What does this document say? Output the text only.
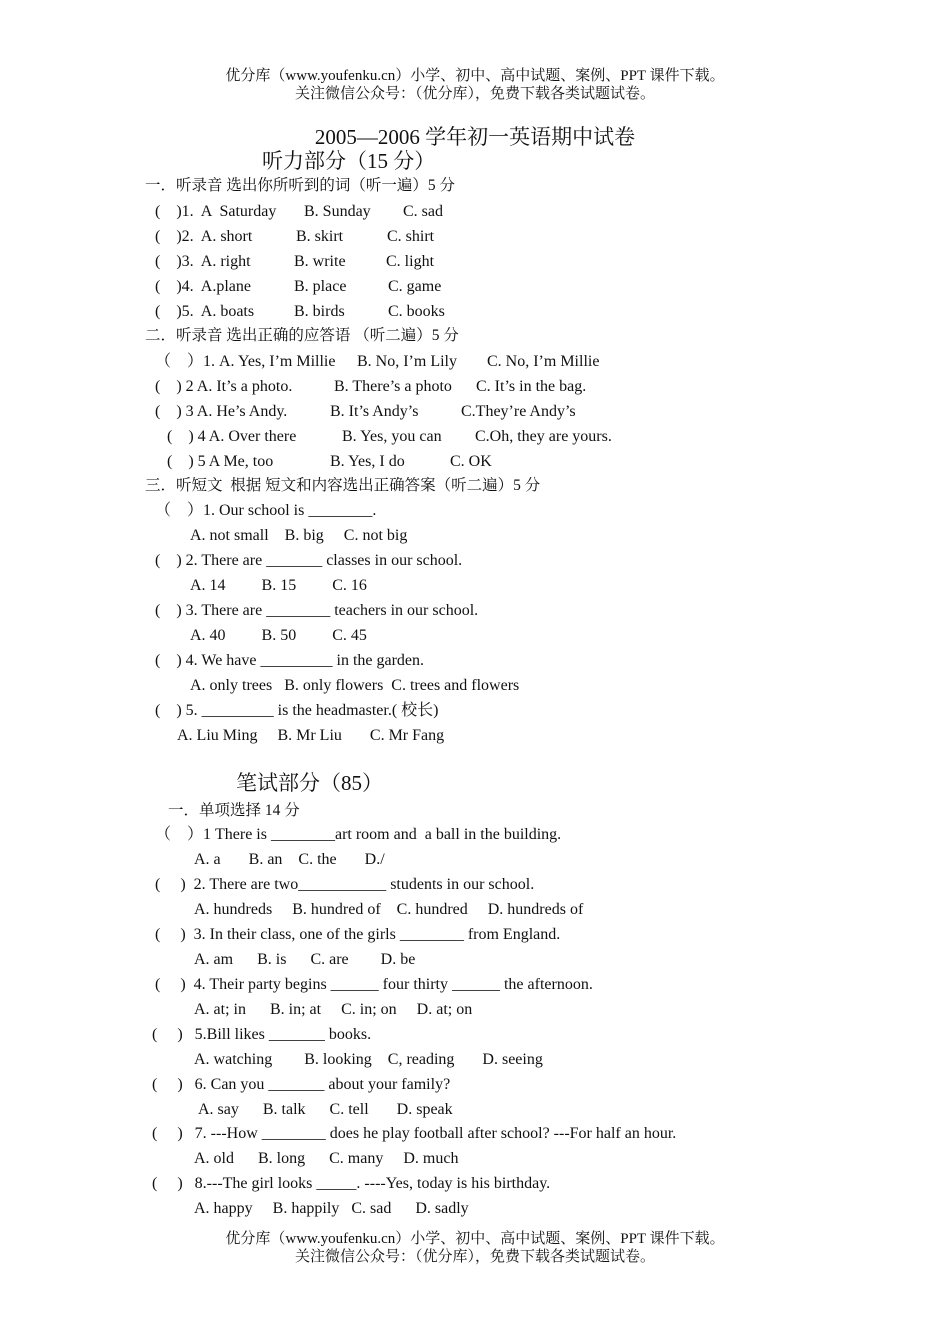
优分库（www.youfenku.cn）小学、初中、高中试题、案例、PPT 课件下载。
关注微信公众号：（优分库），免费下载各类试题试卷。
2005—2006 学年初一英语期中试卷
听力部分（15 分）
一．听录音 选出你所听到的词（听一遍）5 分
(    )1.  A  Saturday B. Sunday C. sad
(    )2.  A. short	B. skirt	C. shirt
(    )3.  A. right	B. write	C. light
(    )4.  A.plane	B. place	C. game
(    )5.  A. boats B. birds	C. books
二．听录音 选出正确的应答语 （听二遍）5 分
（    ）1. A. Yes, I’m Millie B. No, I’m Lily C. No, I’m Millie
(    ) 2 A. It’s a photo.	B. There’s a photo C. It’s in the bag.
(    ) 3 A. He’s Andy.	B. It’s Andy’s	C.They’re Andy’s
(    ) 4 A. Over there	B. Yes, you can C.Oh, they are yours.
(    ) 5 A Me, too	B. Yes, I do	C. OK
三．听短文  根据 短文和内容选出正确答案（听二遍）5 分
（    ）1. Our school is ________.
A. not small    B. big     C. not big
(    ) 2. There are _______ classes in our school.
A. 14         B. 15         C. 16
(    ) 3. There are ________ teachers in our school.
A. 40         B. 50         C. 45
(    ) 4. We have _________ in the garden.
A. only trees   B. only flowers  C. trees and flowers
(    ) 5. _________ is the headmaster.( 校长)
A. Liu Ming     B. Mr Liu       C. Mr Fang
笔试部分（85）
一．单项选择 14 分
（    ）1 There is ________art room and  a ball in the building.
A. a       B. an    C. the       D./
(     )  2. There are two___________ students in our school.
A. hundreds     B. hundred of    C. hundred     D. hundreds of
(     )  3. In their class, one of the girls ________ from England.
A. am      B. is      C. are        D. be
(     )  4. Their party begins ______ four thirty ______ the afternoon.
A. at; in      B. in; at     C. in; on     D. at; on
(     )   5.Bill likes _______ books.
A. watching        B. looking    C, reading       D. seeing
(     )   6. Can you _______ about your family?
A. say      B. talk      C. tell       D. speak
(     )   7. ---How ________ does he play football after school? ---For half an hour.
A. old      B. long      C. many     D. much
(     )   8.---The girl looks _____. ----Yes, today is his birthday.
A. happy     B. happily   C. sad      D. sadly
优分库（www.youfenku.cn）小学、初中、高中试题、案例、PPT 课件下载。
关注微信公众号：（优分库），免费下载各类试题试卷。
